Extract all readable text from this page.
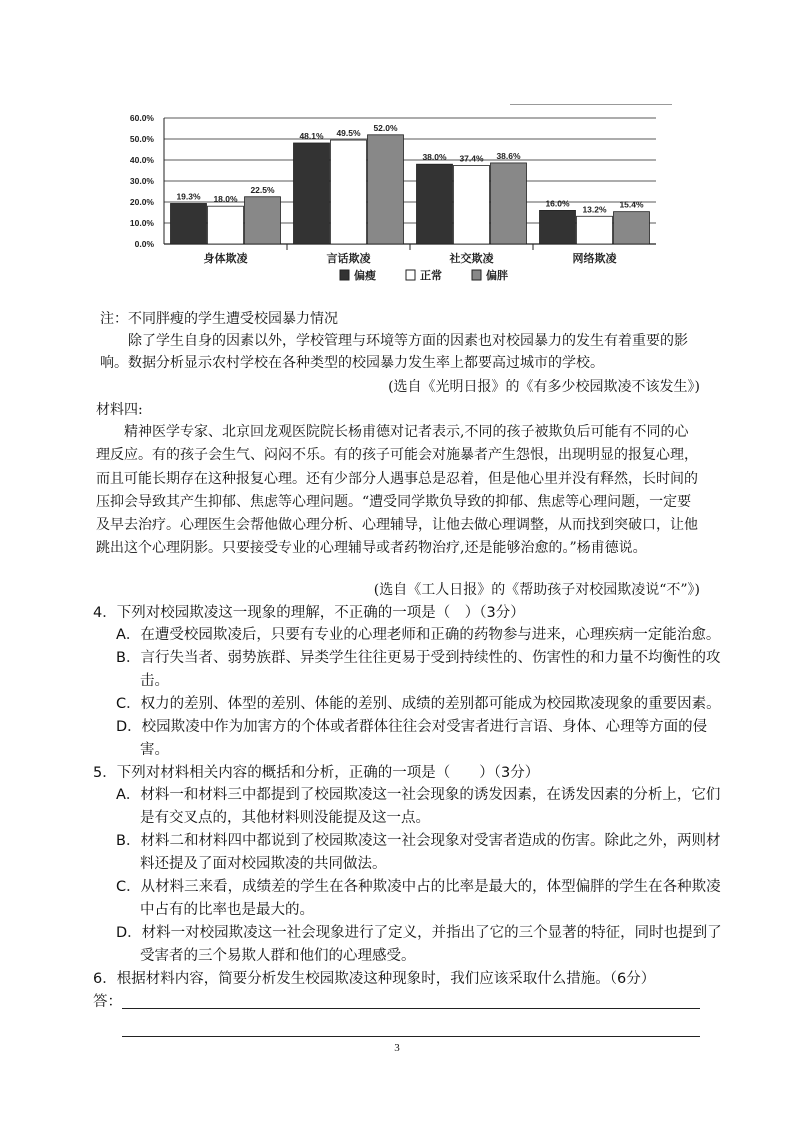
0.0%
10.0%
20.0%
30.0%
40.0%
50.0%
60.0%
19.3% 18.0%
22.5%
身体欺凌
48.1% 49.5%
52.0%
言话欺凌
38.0% 37.4% 38.6%
社交欺凌
16.0%
13.2% 15.4%
网络欺凌
偏瘦	正常	偏胖

注：不同胖瘦的学生遭受校园暴力情况

除了学生自身的因素以外，学校管理与环境等方面的因素也对校园暴力的发生有着重要的影响。数据分析显示农村学校在各种类型的校园暴力发生率上都要高过城市的学校。

(选自《光明日报》的《有多少校园欺凌不该发生》)

材料四:

精神医学专家、北京回龙观医院院长杨甫德对记者表示,不同的孩子被欺负后可能有不同的心理反应。有的孩子会生气、闷闷不乐。有的孩子可能会对施暴者产生怨恨，出现明显的报复心理，而且可能长期存在这种报复心理。还有少部分人遇事总是忍着，但是他心里并没有释然，长时间的压抑会导致其产生抑郁、焦虑等心理问题。“遭受同学欺负导致的抑郁、焦虑等心理问题，一定要及早去治疗。心理医生会帮他做心理分析、心理辅导，让他去做心理调整，从而找到突破口，让他跳出这个心理阴影。只要接受专业的心理辅导或者药物治疗,还是能够治愈的。”杨甫德说。

(选自《工人日报》的《帮助孩子对校园欺凌说“不”》)

4．下列对校园欺凌这一现象的理解，不正确的一项是（　）（3分）

A．在遭受校园欺凌后，只要有专业的心理老师和正确的药物参与进来，心理疾病一定能治愈。

B．言行失当者、弱势族群、异类学生往往更易于受到持续性的、伤害性的和力量不均衡性的攻击。

C．权力的差别、体型的差别、体能的差别、成绩的差别都可能成为校园欺凌现象的重要因素。

D．校园欺凌中作为加害方的个体或者群体往往会对受害者进行言语、身体、心理等方面的侵害。

5．下列对材料相关内容的概括和分析，正确的一项是（　　）（3分）

A．材料一和材料三中都提到了校园欺凌这一社会现象的诱发因素，在诱发因素的分析上，它们是有交叉点的，其他材料则没能提及这一点。

B．材料二和材料四中都说到了校园欺凌这一社会现象对受害者造成的伤害。除此之外，两则材料还提及了面对校园欺凌的共同做法。

C．从材料三来看，成绩差的学生在各种欺凌中占的比率是最大的，体型偏胖的学生在各种欺凌中占有的比率也是最大的。

D．材料一对校园欺凌这一社会现象进行了定义，并指出了它的三个显著的特征，同时也提到了受害者的三个易欺人群和他们的心理感受。

6．根据材料内容，简要分析发生校园欺凌这种现象时，我们应该采取什么措施。（6分）

答：

3
